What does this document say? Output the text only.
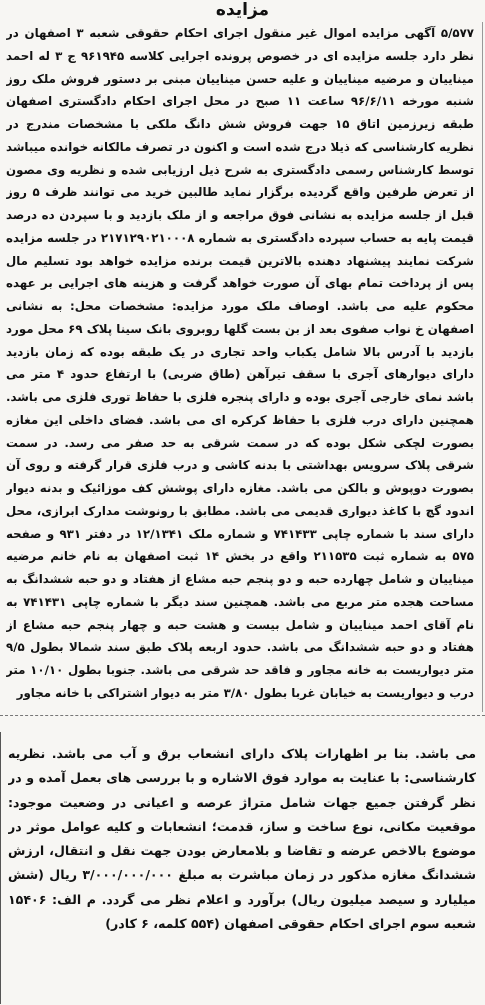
مزایده

۵/۵۷۷ آگهی مزایده اموال غیر منقول اجرای احکام حقوقی شعبه ۳ اصفهان در نظر دارد جلسه مزایده ای در خصوص پرونده اجرایی کلاسه ۹۶۱۹۴۵ ج ۳ له احمد میناییان و مرضیه میناییان و علیه حسن میناییان مبنی بر دستور فروش ملک روز شنبه مورخه ۹۶/۶/۱۱ ساعت ۱۱ صبح در محل اجرای احکام دادگستری اصفهان طبقه زیرزمین اتاق ۱۵ جهت فروش شش دانگ ملکی با مشخصات مندرج در نظریه کارشناسی که ذیلا درج شده است و اکنون در تصرف مالکانه خوانده میباشد توسط کارشناس رسمی دادگستری به شرح ذیل ارزیابی شده و نظریه وی مصون از تعرض طرفین واقع گردیده برگزار نماید طالبین خرید می توانند ظرف ۵ روز قبل از جلسه مزایده به نشانی فوق مراجعه و از ملک بازدید و با سپردن ده درصد قیمت پایه به حساب سپرده دادگستری به شماره ۲۱۷۱۲۹۰۲۱۰۰۰۸ در جلسه مزایده شرکت نمایند پیشنهاد دهنده بالاترین قیمت برنده مزایده خواهد بود تسلیم مال پس از پرداخت تمام بهای آن صورت خواهد گرفت و هزینه های اجرایی بر عهده محکوم علیه می باشد. اوصاف ملک مورد مزایده: مشخصات محل: به نشانی اصفهان خ نواب صفوی بعد از بن بست گلها روبروی بانک سینا پلاک ۶۹ محل مورد بازدید با آدرس بالا شامل یکباب واحد تجاری در یک طبقه بوده که زمان بازدید دارای دیوارهای آجری با سقف تیرآهن (طاق ضربی) با ارتفاع حدود ۴ متر می باشد نمای خارجی آجری بوده و دارای پنجره فلزی با حفاظ توری فلزی می باشد. همچنین دارای درب فلزی با حفاظ کرکره ای می باشد. فضای داخلی این مغازه بصورت لچکی شکل بوده که در سمت شرقی به حد صفر می رسد. در سمت شرقی پلاک سرویس بهداشتی با بدنه کاشی و درب فلزی قرار گرفته و روی آن بصورت دوپوش و بالکن می باشد. مغازه دارای پوشش کف موزائیک و بدنه دیوار اندود گچ با کاغذ دیواری قدیمی می باشد. مطابق با رونوشت مدارک ابرازی، محل دارای سند با شماره چاپی ۷۴۱۴۳۳ و شماره ملک ۱۲/۱۳۴۱ در دفتر ۹۳۱ و صفحه ۵۷۵ به شماره ثبت ۲۱۱۵۳۵ واقع در بخش ۱۴ ثبت اصفهان به نام خانم مرضیه میناییان و شامل چهارده حبه و دو پنجم حبه مشاع از هفتاد و دو حبه ششدانگ به مساحت هجده متر مربع می باشد. همچنین سند دیگر با شماره چاپی ۷۴۱۴۳۱ به نام آقای احمد میناییان و شامل بیست و هشت حبه و چهار پنجم حبه مشاع از هفتاد و دو حبه ششدانگ می باشد. حدود اربعه پلاک طبق سند شمالا بطول ۹/۵ متر دیواریست به خانه مجاور و فاقد حد شرقی می باشد. جنوبا بطول ۱۰/۱۰ متر درب و دیواریست به خیابان غربا بطول ۳/۸۰ متر به دیوار اشتراکی با خانه مجاور

می باشد. بنا بر اظهارات پلاک دارای انشعاب برق و آب می باشد. نظریه کارشناسی: با عنایت به موارد فوق الاشاره و با بررسی های بعمل آمده و در نظر گرفتن جمیع جهات شامل متراژ عرصه و اعیانی در وضعیت موجود: موقعیت مکانی، نوع ساخت و ساز، قدمت؛ انشعابات و کلیه عوامل موثر در موضوع بالاخص عرضه و تقاضا و بلامعارض بودن جهت نقل و انتقال، ارزش ششدانگ مغازه مذکور در زمان مباشرت به مبلغ ۳/۰۰۰/۰۰۰/۰۰۰ ریال (شش میلیارد و سیصد میلیون ریال) برآورد و اعلام نظر می گردد. م الف: ۱۵۴۰۶ شعبه سوم اجرای احکام حقوقی اصفهان (۵۵۴ کلمه، ۶ کادر)
